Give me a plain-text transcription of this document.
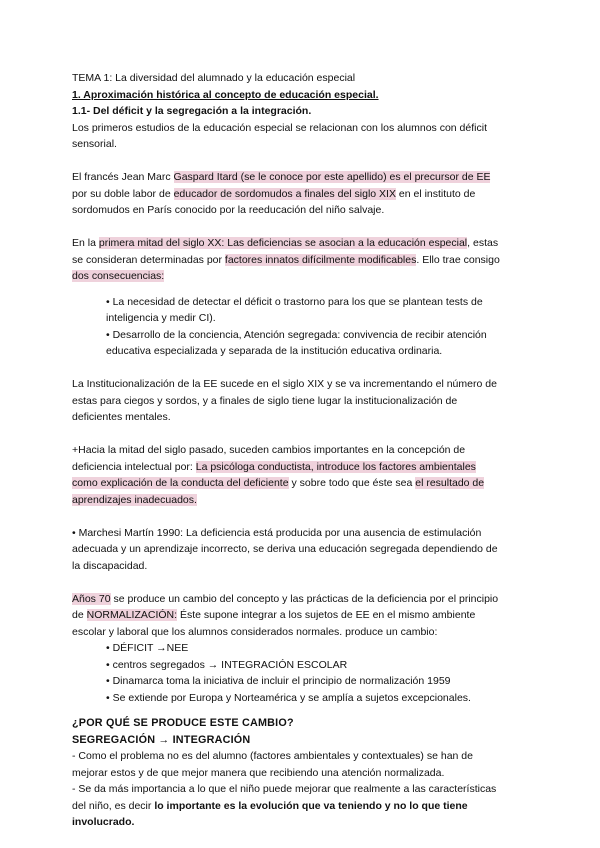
TEMA 1: La diversidad del alumnado y la educación especial
1. Aproximación histórica al concepto de educación especial.
1.1- Del déficit y la segregación a la integración.
Los primeros estudios de la educación especial se relacionan con los alumnos con déficit
sensorial.
El francés Jean Marc Gaspard Itard (se le conoce por este apellido) es el precursor de EE
por su doble labor de educador de sordomudos a finales del siglo XIX en el instituto de
sordomudos en París conocido por la reeducación del niño salvaje.
En la primera mitad del siglo XX: Las deficiencias se asocian a la educación especial, estas
se consideran determinadas por factores innatos difícilmente modificables. Ello trae consigo
dos consecuencias:
• La necesidad de detectar el déficit o trastorno para los que se plantean tests de
inteligencia y medir CI).
• Desarrollo de la conciencia, Atención segregada: convivencia de recibir atención
educativa especializada y separada de la institución educativa ordinaria.
La Institucionalización de la EE sucede en el siglo XIX y se va incrementando el número de
estas para ciegos y sordos, y a finales de siglo tiene lugar la institucionalización de
deficientes mentales.
+Hacia la mitad del siglo pasado, suceden cambios importantes en la concepción de
deficiencia intelectual por: La psicóloga conductista, introduce los factores ambientales
como explicación de la conducta del deficiente y sobre todo que éste sea el resultado de
aprendizajes inadecuados.
• Marchesi Martín 1990: La deficiencia está producida por una ausencia de estimulación
adecuada y un aprendizaje incorrecto, se deriva una educación segregada dependiendo de
la discapacidad.
Años 70 se produce un cambio del concepto y las prácticas de la deficiencia por el principio
de NORMALIZACIÓN: Éste supone integrar a los sujetos de EE en el mismo ambiente
escolar y laboral que los alumnos considerados normales. produce un cambio:
• DÉFICIT →NEE
• centros segregados → INTEGRACIÓN ESCOLAR
• Dinamarca toma la iniciativa de incluir el principio de normalización 1959
• Se extiende por Europa y Norteamérica y se amplía a sujetos excepcionales.
¿POR QUÉ SE PRODUCE ESTE CAMBIO?
SEGREGACIÓN → INTEGRACIÓN
- Como el problema no es del alumno (factores ambientales y contextuales) se han de
mejorar estos y de que mejor manera que recibiendo una atención normalizada.
- Se da más importancia a lo que el niño puede mejorar que realmente a las características
del niño, es decir lo importante es la evolución que va teniendo y no lo que tiene
involucrado.
